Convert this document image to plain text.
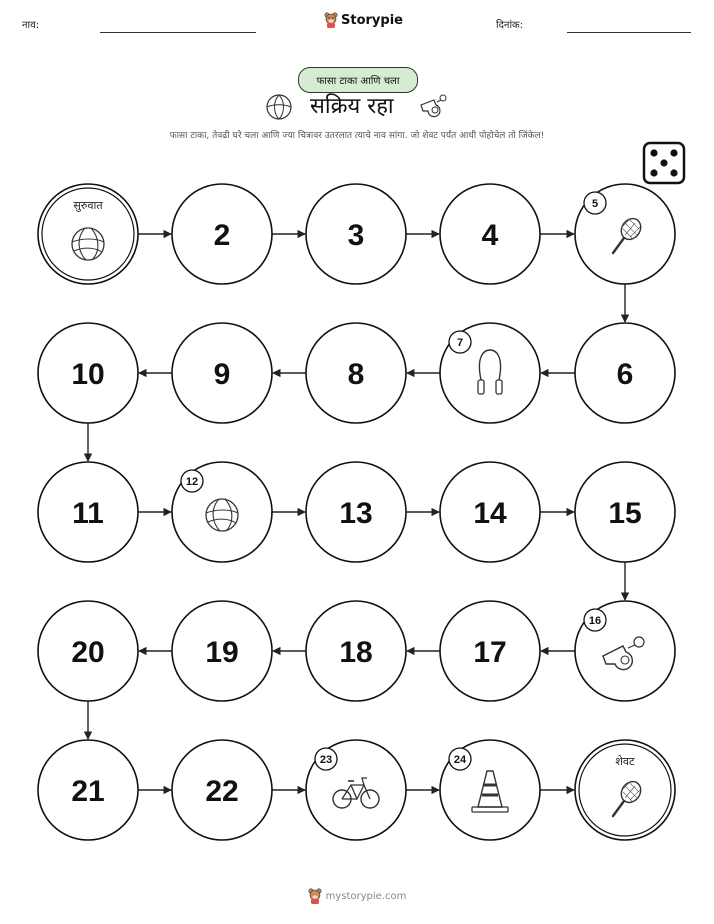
नाव:	Storypie	दिनांक:
फासा टाका आणि चला
सक्रिय रहा
फासा टाका, तेवढी घरे चला आणि ज्या चित्रावर उतरलात त्याचे नाव सांगा. जो शेवट पर्यंत आधी पोहोचेल तो जिंकेल!
सुरुवात
2	3	4
5
6
7
8
9
10
11
12
13	14	15
16
17
18
19
20
21	22
23	24	शेवट
mystorypie.com
